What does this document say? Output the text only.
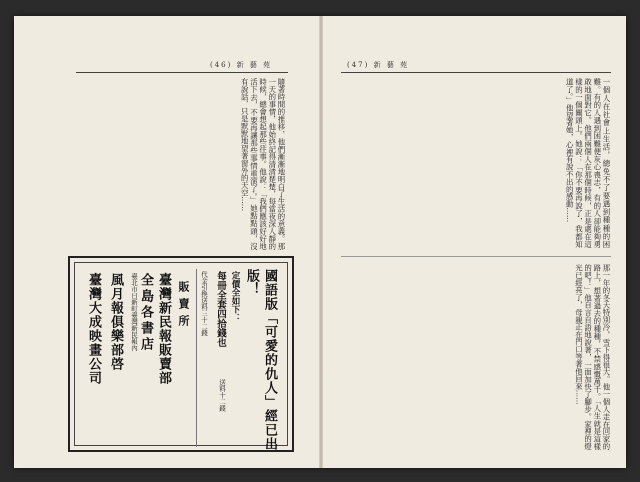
(46) 新 藝 苑
隨著時間的推移，他們漸漸地明白了生活的意義。那一天的事情，他始終記得清清楚楚，每當夜深人靜的時候，總會想起那些往事。他說：「我們應該好好地活下去，不要再讓那些事情重演了。」她點點頭，沒有說話，只是默默地望著窗外的天空……
國語版「可愛的仇人」經已出
版！
定價全如下：
每冊全套四拾錢也
代金引換送料三十二錢
送料十二錢
販賣所
臺灣新民報販賣部
全島各書店
臺北市日新町臺灣新民報內
風月報俱樂部啓
臺灣大成映畫公司
(47) 新 藝 苑
一個人在社會上生活，總免不了要遇到種種的困難。有的人遇到困難便灰心喪志，有的人卻能夠勇敢地面對它。他們兩個人在那個時候，正是處在這樣的一個關頭上。她說：「你不要再說了，我都知道了。」他望著她，心裡有說不出的感動……
那一年的冬天特別冷，雪下得很大。他一個人走在回家的路上，想著過去的種種，不禁感慨萬千。「人生就是這樣的吧！」他自言自語地說著，一面加快了腳步。家裡的燈光已經亮了，母親正在門口等著他回來……
